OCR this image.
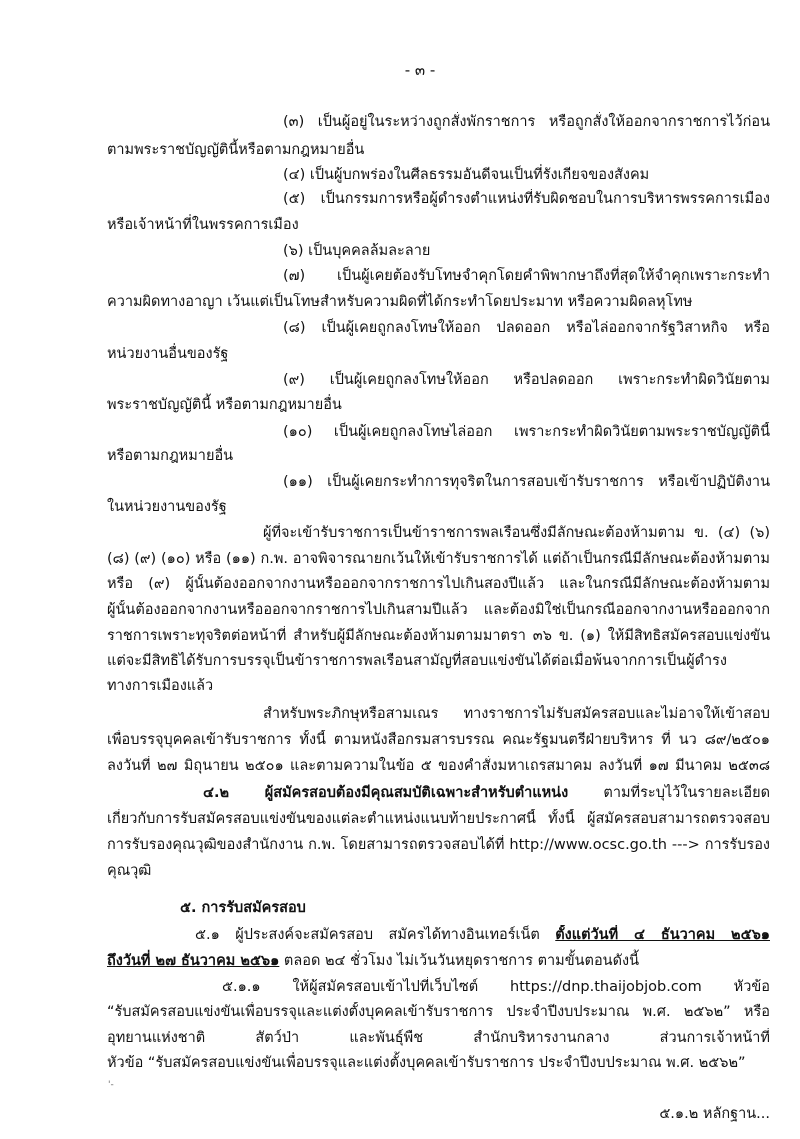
- ๓ -
(๓) เป็นผู้อยู่ในระหว่างถูกสั่งพักราชการ หรือถูกสั่งให้ออกจากราชการไว้ก่อน
ตามพระราชบัญญัตินี้หรือตามกฎหมายอื่น
(๔) เป็นผู้บกพร่องในศีลธรรมอันดีจนเป็นที่รังเกียจของสังคม
(๕) เป็นกรรมการหรือผู้ดำรงตำแหน่งที่รับผิดชอบในการบริหารพรรคการเมือง
หรือเจ้าหน้าที่ในพรรคการเมือง
(๖) เป็นบุคคลล้มละลาย
(๗) เป็นผู้เคยต้องรับโทษจำคุกโดยคำพิพากษาถึงที่สุดให้จำคุกเพราะกระทำ
ความผิดทางอาญา เว้นแต่เป็นโทษสำหรับความผิดที่ได้กระทำโดยประมาท หรือความผิดลหุโทษ
(๘) เป็นผู้เคยถูกลงโทษให้ออก ปลดออก หรือไล่ออกจากรัฐวิสาหกิจ หรือ
หน่วยงานอื่นของรัฐ
(๙) เป็นผู้เคยถูกลงโทษให้ออก หรือปลดออก เพราะกระทำผิดวินัยตาม
พระราชบัญญัตินี้ หรือตามกฎหมายอื่น
(๑๐) เป็นผู้เคยถูกลงโทษไล่ออก เพราะกระทำผิดวินัยตามพระราชบัญญัตินี้
หรือตามกฎหมายอื่น
(๑๑) เป็นผู้เคยกระทำการทุจริตในการสอบเข้ารับราชการ หรือเข้าปฏิบัติงาน
ในหน่วยงานของรัฐ
ผู้ที่จะเข้ารับราชการเป็นข้าราชการพลเรือนซึ่งมีลักษณะต้องห้ามตาม ข. (๔) (๖)
(๘) (๙) (๑๐) หรือ (๑๑) ก.พ. อาจพิจารณายกเว้นให้เข้ารับราชการได้ แต่ถ้าเป็นกรณีมีลักษณะต้องห้ามตาม
หรือ (๙) ผู้นั้นต้องออกจากงานหรือออกจากราชการไปเกินสองปีแล้ว และในกรณีมีลักษณะต้องห้ามตาม
ผู้นั้นต้องออกจากงานหรือออกจากราชการไปเกินสามปีแล้ว และต้องมิใช่เป็นกรณีออกจากงานหรือออกจาก
ราชการเพราะทุจริตต่อหน้าที่ สำหรับผู้มีลักษณะต้องห้ามตามมาตรา ๓๖ ข. (๑) ให้มีสิทธิสมัครสอบแข่งขัน
แต่จะมีสิทธิได้รับการบรรจุเป็นข้าราชการพลเรือนสามัญที่สอบแข่งขันได้ต่อเมื่อพ้นจากการเป็นผู้ดำรง
ทางการเมืองแล้ว
สำหรับพระภิกษุหรือสามเณร ทางราชการไม่รับสมัครสอบและไม่อาจให้เข้าสอบ
เพื่อบรรจุบุคคลเข้ารับราชการ ทั้งนี้ ตามหนังสือกรมสารบรรณ คณะรัฐมนตรีฝ่ายบริหาร ที่ นว ๘๙/๒๕๐๑
ลงวันที่ ๒๗ มิถุนายน ๒๕๐๑ และตามความในข้อ ๕ ของคำสั่งมหาเถรสมาคม ลงวันที่ ๑๗ มีนาคม ๒๕๓๘
๔.๒ ผู้สมัครสอบต้องมีคุณสมบัติเฉพาะสำหรับตำแหน่ง ตามที่ระบุไว้ในรายละเอียด
เกี่ยวกับการรับสมัครสอบแข่งขันของแต่ละตำแหน่งแนบท้ายประกาศนี้ ทั้งนี้ ผู้สมัครสอบสามารถตรวจสอบ
การรับรองคุณวุฒิของสำนักงาน ก.พ. โดยสามารถตรวจสอบได้ที่ http://www.ocsc.go.th ---> การรับรอง
คุณวุฒิ
๕. การรับสมัครสอบ
๕.๑ ผู้ประสงค์จะสมัครสอบ สมัครได้ทางอินเทอร์เน็ต ตั้งแต่วันที่ ๔ ธันวาคม ๒๕๖๑
ถึงวันที่ ๒๗ ธันวาคม ๒๕๖๑ ตลอด ๒๔ ชั่วโมง ไม่เว้นวันหยุดราชการ ตามขั้นตอนดังนี้
๕.๑.๑ ให้ผู้สมัครสอบเข้าไปที่เว็บไซต์ https://dnp.thaijobjob.com หัวข้อ
“รับสมัครสอบแข่งขันเพื่อบรรจุและแต่งตั้งบุคคลเข้ารับราชการ ประจำปีงบประมาณ พ.ศ. ๒๕๖๒” หรือ
อุทยานแห่งชาติ สัตว์ป่า และพันธุ์พืช สำนักบริหารงานกลาง ส่วนการเจ้าหน้าที่
หัวข้อ “รับสมัครสอบแข่งขันเพื่อบรรจุและแต่งตั้งบุคคลเข้ารับราชการ ประจำปีงบประมาณ พ.ศ. ๒๕๖๒”
'-
๕.๑.๒ หลักฐาน...
